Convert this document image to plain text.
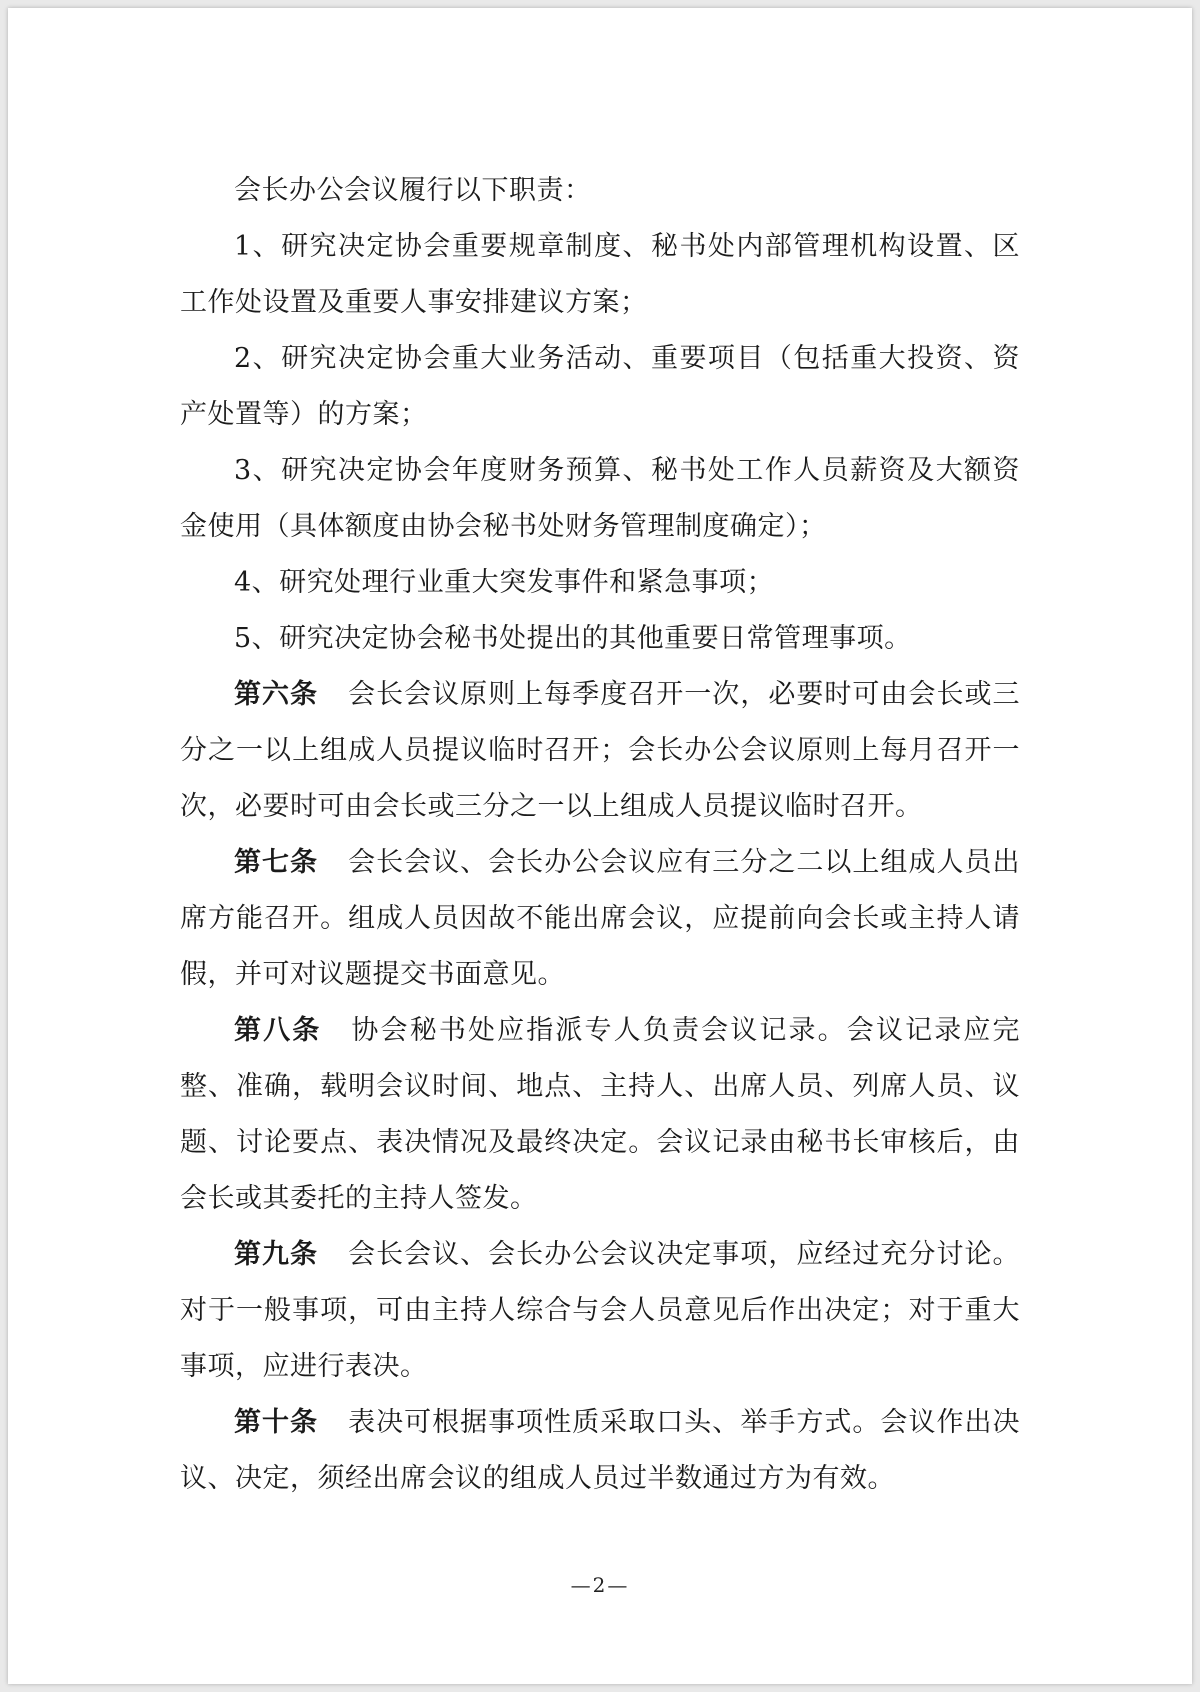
会长办公会议履行以下职责：

1、研究决定协会重要规章制度、秘书处内部管理机构设置、区工作处设置及重要人事安排建议方案；

2、研究决定协会重大业务活动、重要项目（包括重大投资、资产处置等）的方案；

3、研究决定协会年度财务预算、秘书处工作人员薪资及大额资金使用（具体额度由协会秘书处财务管理制度确定）；

4、研究处理行业重大突发事件和紧急事项；

5、研究决定协会秘书处提出的其他重要日常管理事项。

第六条 会长会议原则上每季度召开一次，必要时可由会长或三分之一以上组成人员提议临时召开；会长办公会议原则上每月召开一次，必要时可由会长或三分之一以上组成人员提议临时召开。

第七条 会长会议、会长办公会议应有三分之二以上组成人员出席方能召开。组成人员因故不能出席会议，应提前向会长或主持人请假，并可对议题提交书面意见。

第八条 协会秘书处应指派专人负责会议记录。会议记录应完整、准确，载明会议时间、地点、主持人、出席人员、列席人员、议题、讨论要点、表决情况及最终决定。会议记录由秘书长审核后，由会长或其委托的主持人签发。

第九条 会长会议、会长办公会议决定事项，应经过充分讨论。对于一般事项，可由主持人综合与会人员意见后作出决定；对于重大事项，应进行表决。

第十条 表决可根据事项性质采取口头、举手方式。会议作出决议、决定，须经出席会议的组成人员过半数通过方为有效。

—2—
